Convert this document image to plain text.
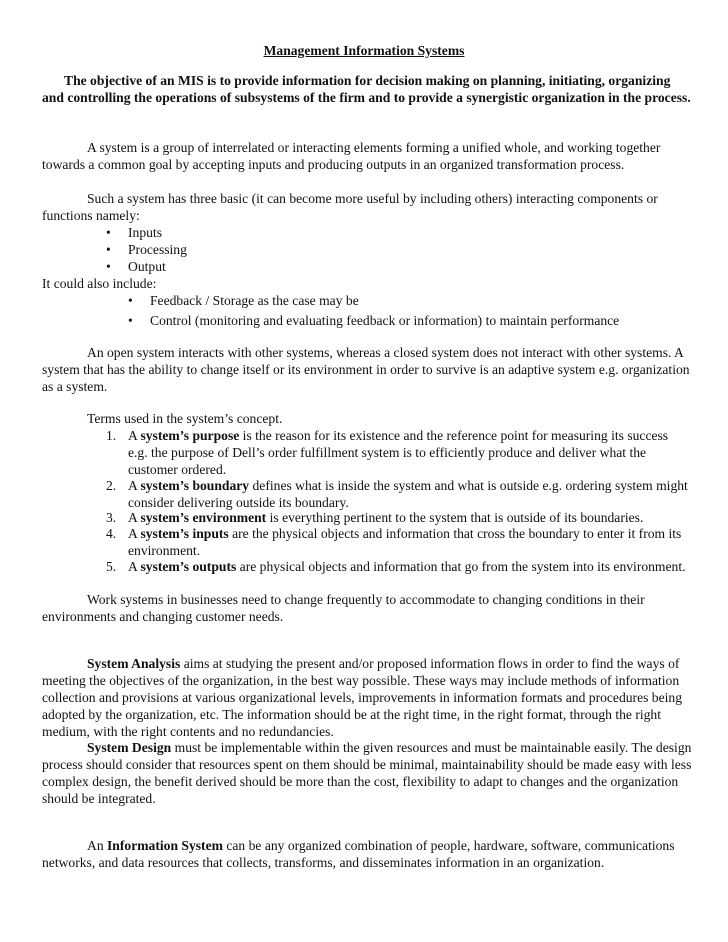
Management Information Systems

The objective of an MIS is to provide information for decision making on planning, initiating, organizing and controlling the operations of subsystems of the firm and to provide a synergistic organization in the process.

A system is a group of interrelated or interacting elements forming a unified whole, and working together towards a common goal by accepting inputs and producing outputs in an organized transformation process.

Such a system has three basic (it can become more useful by including others) interacting components or functions namely:

• Inputs

• Processing

• Output

It could also include:

• Feedback / Storage as the case may be

• Control (monitoring and evaluating feedback or information) to maintain performance

An open system interacts with other systems, whereas a closed system does not interact with other systems. A system that has the ability to change itself or its environment in order to survive is an adaptive system e.g. organization as a system.

Terms used in the system’s concept.

1. A system’s purpose is the reason for its existence and the reference point for measuring its success e.g. the purpose of Dell’s order fulfillment system is to efficiently produce and deliver what the customer ordered.

2. A system’s boundary defines what is inside the system and what is outside e.g. ordering system might consider delivering outside its boundary.

3. A system’s environment is everything pertinent to the system that is outside of its boundaries.

4. A system’s inputs are the physical objects and information that cross the boundary to enter it from its environment.

5. A system’s outputs are physical objects and information that go from the system into its environment.

Work systems in businesses need to change frequently to accommodate to changing conditions in their environments and changing customer needs.

System Analysis aims at studying the present and/or proposed information flows in order to find the ways of meeting the objectives of the organization, in the best way possible. These ways may include methods of information collection and provisions at various organizational levels, improvements in information formats and procedures being adopted by the organization, etc. The information should be at the right time, in the right format, through the right medium, with the right contents and no redundancies.

System Design must be implementable within the given resources and must be maintainable easily. The design process should consider that resources spent on them should be minimal, maintainability should be made easy with less complex design, the benefit derived should be more than the cost, flexibility to adapt to changes and the organization should be integrated.

An Information System can be any organized combination of people, hardware, software, communications networks, and data resources that collects, transforms, and disseminates information in an organization.
